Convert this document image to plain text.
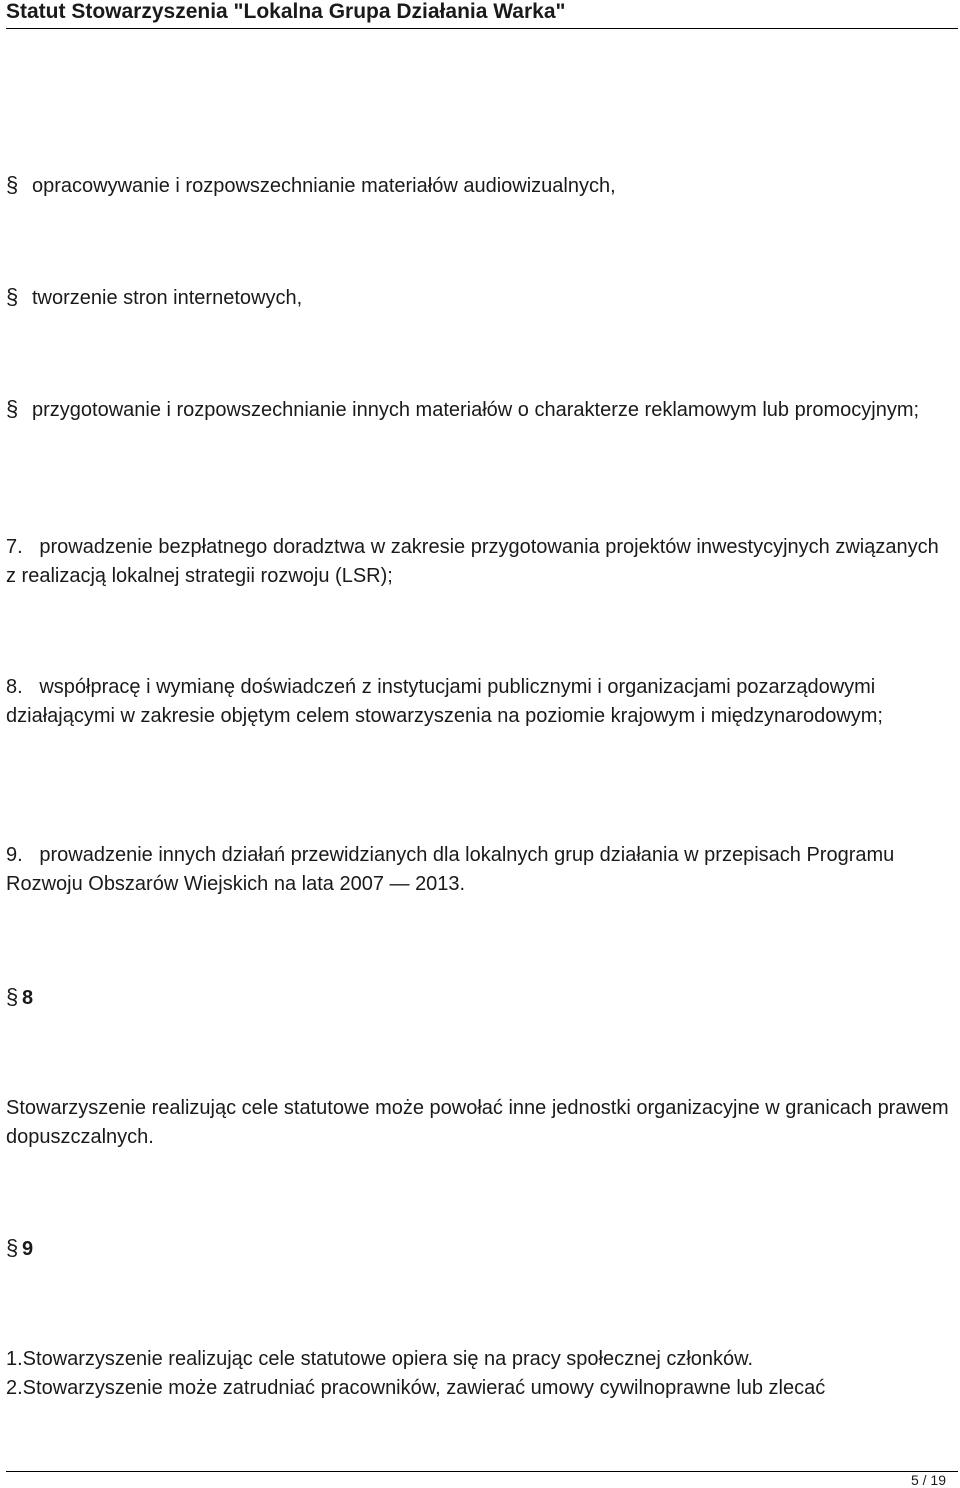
Statut Stowarzyszenia "Lokalna Grupa Działania Warka"

§ opracowywanie i rozpowszechnianie materiałów audiowizualnych,

§ tworzenie stron internetowych,

§ przygotowanie i rozpowszechnianie innych materiałów o charakterze reklamowym lub promocyjnym;

7.   prowadzenie bezpłatnego doradztwa w zakresie przygotowania projektów inwestycyjnych związanych z realizacją lokalnej strategii rozwoju (LSR);

8.   współpracę i wymianę doświadczeń z instytucjami publicznymi i organizacjami pozarządowymi działającymi w zakresie objętym celem stowarzyszenia na poziomie krajowym i międzynarodowym;

9.   prowadzenie innych działań przewidzianych dla lokalnych grup działania w przepisach Programu Rozwoju Obszarów Wiejskich na lata 2007 — 2013.

§ 8

Stowarzyszenie realizując cele statutowe może powołać inne jednostki organizacyjne w granicach prawem dopuszczalnych.

§ 9

1.Stowarzyszenie realizując cele statutowe opiera się na pracy społecznej członków.

2.Stowarzyszenie może zatrudniać pracowników, zawierać umowy cywilnoprawne lub zlecać

5 / 19
